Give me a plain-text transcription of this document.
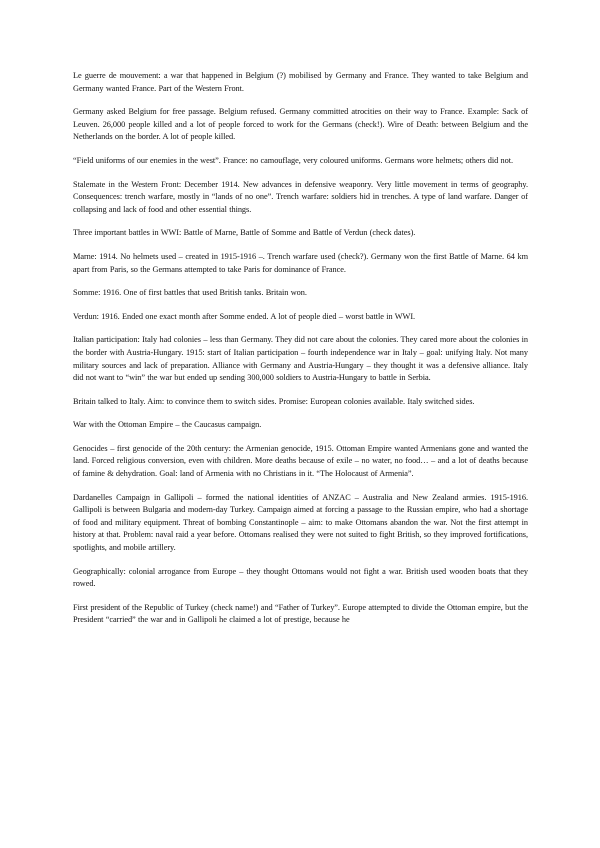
Le guerre de mouvement: a war that happened in Belgium (?) mobilised by Germany and France. They wanted to take Belgium and Germany wanted France. Part of the Western Front.

Germany asked Belgium for free passage. Belgium refused. Germany committed atrocities on their way to France. Example: Sack of Leuven. 26,000 people killed and a lot of people forced to work for the Germans (check!). Wire of Death: between Belgium and the Netherlands on the border. A lot of people killed.

“Field uniforms of our enemies in the west”. France: no camouflage, very coloured uniforms. Germans wore helmets; others did not.

Stalemate in the Western Front: December 1914. New advances in defensive weaponry. Very little movement in terms of geography. Consequences: trench warfare, mostly in “lands of no one”. Trench warfare: soldiers hid in trenches. A type of land warfare. Danger of collapsing and lack of food and other essential things.

Three important battles in WWI: Battle of Marne, Battle of Somme and Battle of Verdun (check dates).

Marne: 1914. No helmets used – created in 1915-1916 –. Trench warfare used (check?). Germany won the first Battle of Marne. 64 km apart from Paris, so the Germans attempted to take Paris for dominance of France.

Somme: 1916. One of first battles that used British tanks. Britain won.

Verdun: 1916. Ended one exact month after Somme ended. A lot of people died – worst battle in WWI.

Italian participation: Italy had colonies – less than Germany. They did not care about the colonies. They cared more about the colonies in the border with Austria-Hungary. 1915: start of Italian participation – fourth independence war in Italy – goal: unifying Italy. Not many military sources and lack of preparation. Alliance with Germany and Austria-Hungary – they thought it was a defensive alliance. Italy did not want to “win” the war but ended up sending 300,000 soldiers to Austria-Hungary to battle in Serbia.

Britain talked to Italy. Aim: to convince them to switch sides. Promise: European colonies available. Italy switched sides.

War with the Ottoman Empire – the Caucasus campaign.

Genocides – first genocide of the 20th century: the Armenian genocide, 1915. Ottoman Empire wanted Armenians gone and wanted the land. Forced religious conversion, even with children. More deaths because of exile – no water, no food… – and a lot of deaths because of famine & dehydration. Goal: land of Armenia with no Christians in it. “The Holocaust of Armenia”.

Dardanelles Campaign in Gallipoli – formed the national identities of ANZAC – Australia and New Zealand armies. 1915-1916. Gallipoli is between Bulgaria and modern-day Turkey. Campaign aimed at forcing a passage to the Russian empire, who had a shortage of food and military equipment. Threat of bombing Constantinople – aim: to make Ottomans abandon the war. Not the first attempt in history at that. Problem: naval raid a year before. Ottomans realised they were not suited to fight British, so they improved fortifications, spotlights, and mobile artillery.

Geographically: colonial arrogance from Europe – they thought Ottomans would not fight a war. British used wooden boats that they rowed.

First president of the Republic of Turkey (check name!) and “Father of Turkey”. Europe attempted to divide the Ottoman empire, but the President “carried” the war and in Gallipoli he claimed a lot of prestige, because he
